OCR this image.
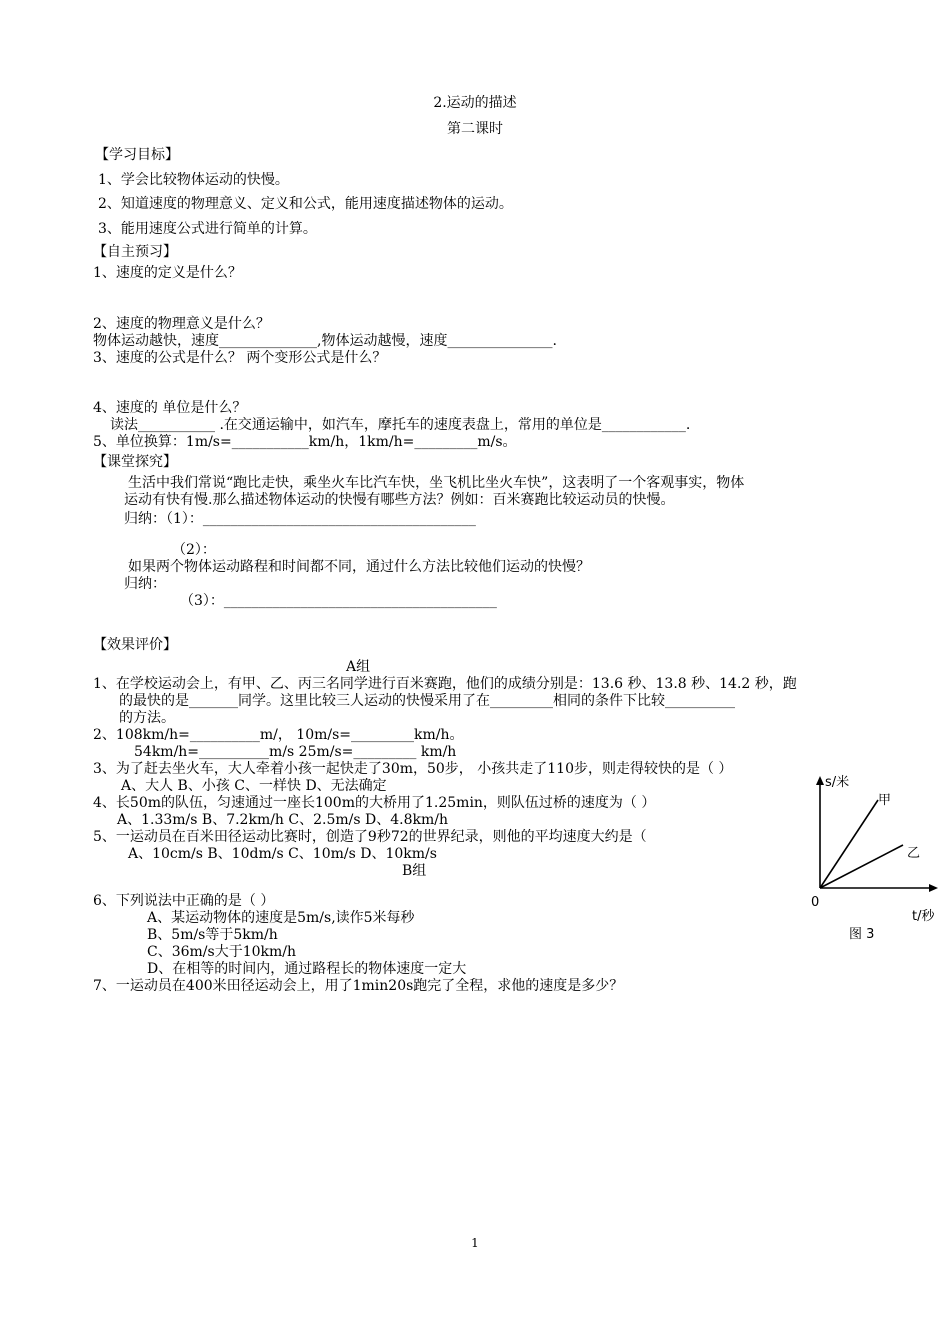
2.运动的描述
第二课时
【学习目标】
1、学会比较物体运动的快慢。
2、知道速度的物理意义、定义和公式，能用速度描述物体的运动。
3、能用速度公式进行简单的计算。
【自主预习】
1、速度的定义是什么？
2、速度的物理意义是什么？
物体运动越快，速度______________,物体运动越慢，速度_______________.
3、速度的公式是什么？ 两个变形公式是什么？
4、速度的 单位是什么？
读法___________ .在交通运输中，如汽车，摩托车的速度表盘上，常用的单位是____________.
5、单位换算：1m/s=___________km/h，1km/h=_________m/s。
【课堂探究】
生活中我们常说“跑比走快，乘坐火车比汽车快，坐飞机比坐火车快”，这表明了一个客观事实，物体
运动有快有慢.那么描述物体运动的快慢有哪些方法？例如：百米赛跑比较运动员的快慢。
归纳：（1）：_______________________________________
（2）：
如果两个物体运动路程和时间都不同，通过什么方法比较他们运动的快慢？
归纳：
（3）：_______________________________________
【效果评价】
A组
1、在学校运动会上，有甲、乙、丙三名同学进行百米赛跑，他们的成绩分别是：13.6 秒、13.8 秒、14.2 秒，跑
的最快的是_______同学。这里比较三人运动的快慢采用了在_________相同的条件下比较__________
的方法。
2、108km/h=__________m/， 10m/s=_________km/h。
54km/h=__________m/s 25m/s=_________ km/h
3、为了赶去坐火车，大人牵着小孩一起快走了30m，50步， 小孩共走了110步，则走得较快的是（ ）
A、大人 B、小孩 C、一样快 D、无法确定
4、长50m的队伍，匀速通过一座长100m的大桥用了1.25min，则队伍过桥的速度为（ ）
A、1.33m/s B、7.2km/h C、2.5m/s D、4.8km/h
5、一运动员在百米田径运动比赛时，创造了9秒72的世界纪录，则他的平均速度大约是（
A、10cm/s B、10dm/s C、10m/s D、10km/s
B组
6、下列说法中正确的是（ ）
A、某运动物体的速度是5m/s,读作5米每秒
B、5m/s等于5km/h
C、36m/s大于10km/h
D、在相等的时间内，通过路程长的物体速度一定大
7、一运动员在400米田径运动会上，用了1min20s跑完了全程，求他的速度是多少？
s/米
t/秒
0
甲
乙
图 3
1
